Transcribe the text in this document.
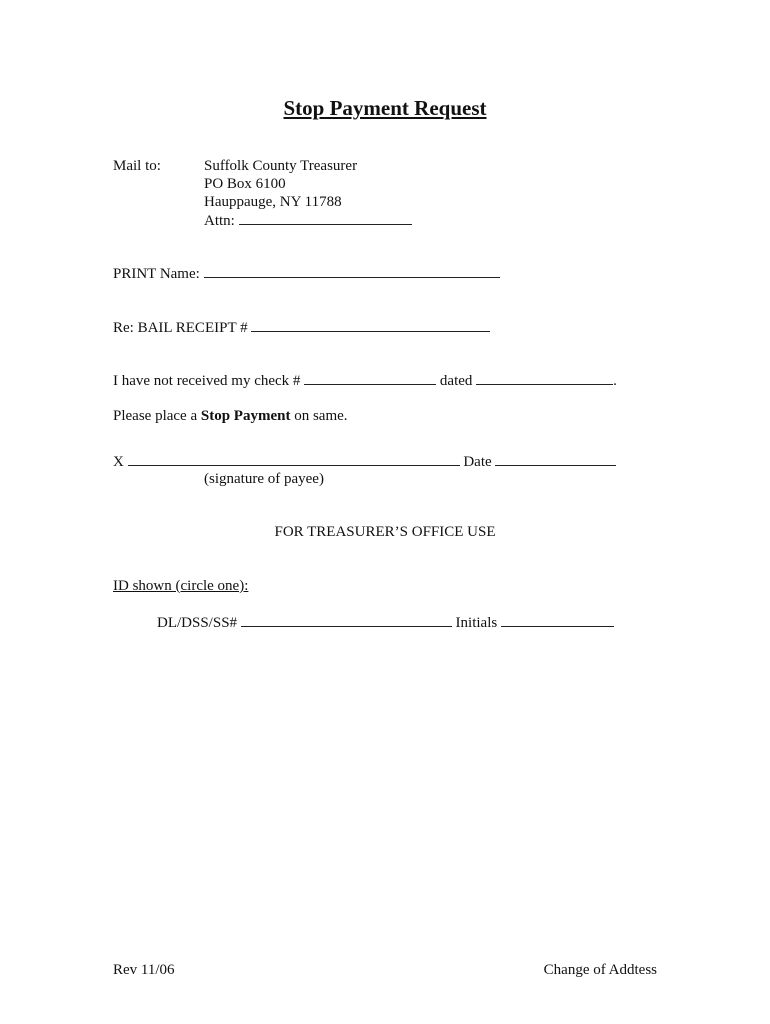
Stop Payment Request
Mail to:	Suffolk County Treasurer
PO Box 6100
Hauppauge, NY 11788
Attn:
PRINT Name:
Re: BAIL RECEIPT #
I have not received my check #	dated	.
Please place a Stop Payment on same.
X	Date
(signature of payee)
FOR TREASURER’S OFFICE USE
ID shown (circle one):
DL/DSS/SS#	Initials
Rev 11/06	Change of Addtess
